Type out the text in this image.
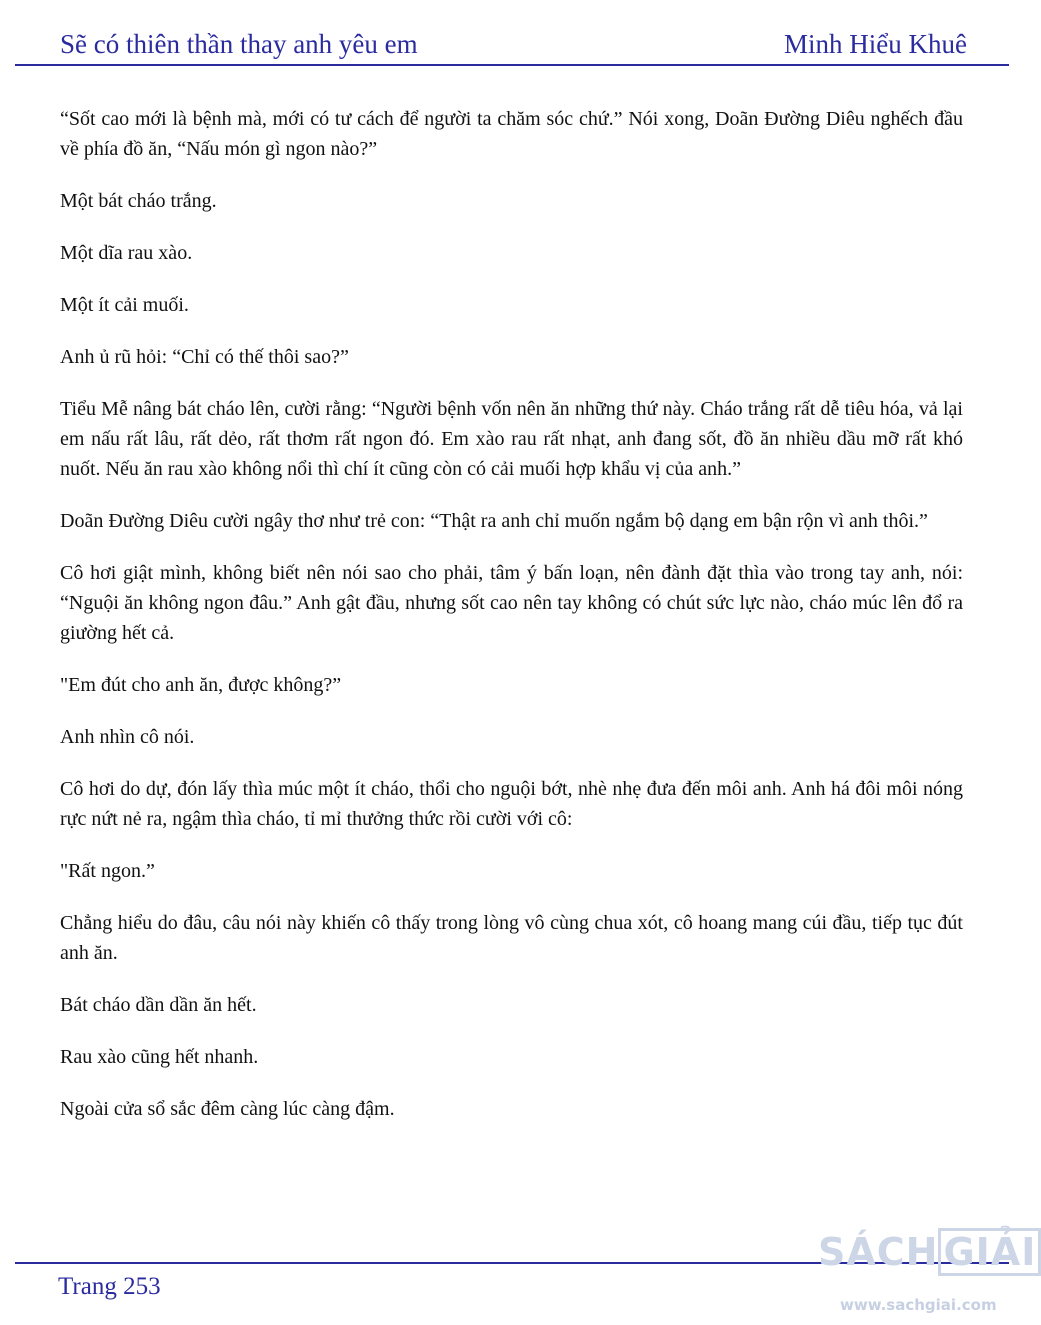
Sẽ có thiên thần thay anh yêu em	Minh Hiểu Khuê

“Sốt cao mới là bệnh mà, mới có tư cách để người ta chăm sóc chứ.” Nói xong, Doãn Đường Diêu nghếch đầu về phía đồ ăn, “Nấu món gì ngon nào?”

Một bát cháo trắng.

Một dĩa rau xào.

Một ít cải muối.

Anh ủ rũ hỏi: “Chỉ có thế thôi sao?”

Tiểu Mễ nâng bát cháo lên, cười rằng: “Người bệnh vốn nên ăn những thứ này. Cháo trắng rất dễ tiêu hóa, vả lại em nấu rất lâu, rất dẻo, rất thơm rất ngon đó. Em xào rau rất nhạt, anh đang sốt, đồ ăn nhiều dầu mỡ rất khó nuốt. Nếu ăn rau xào không nổi thì chí ít cũng còn có cải muối hợp khẩu vị của anh.”

Doãn Đường Diêu cười ngây thơ như trẻ con: “Thật ra anh chỉ muốn ngắm bộ dạng em bận rộn vì anh thôi.”

Cô hơi giật mình, không biết nên nói sao cho phải, tâm ý bấn loạn, nên đành đặt thìa vào trong tay anh, nói: “Nguội ăn không ngon đâu.” Anh gật đầu, nhưng sốt cao nên tay không có chút sức lực nào, cháo múc lên đổ ra giường hết cả.

"Em đút cho anh ăn, được không?”

Anh nhìn cô nói.

Cô hơi do dự, đón lấy thìa múc một ít cháo, thổi cho nguội bớt, nhè nhẹ đưa đến môi anh. Anh há đôi môi nóng rực nứt nẻ ra, ngậm thìa cháo, tỉ mỉ thưởng thức rồi cười với cô:

"Rất ngon.”

Chẳng hiểu do đâu, câu nói này khiến cô thấy trong lòng vô cùng chua xót, cô hoang mang cúi đầu, tiếp tục đút anh ăn.

Bát cháo dần dần ăn hết.

Rau xào cũng hết nhanh.

Ngoài cửa sổ sắc đêm càng lúc càng đậm.

Trang 253
SÁCH GIẢI
www.sachgiai.com
